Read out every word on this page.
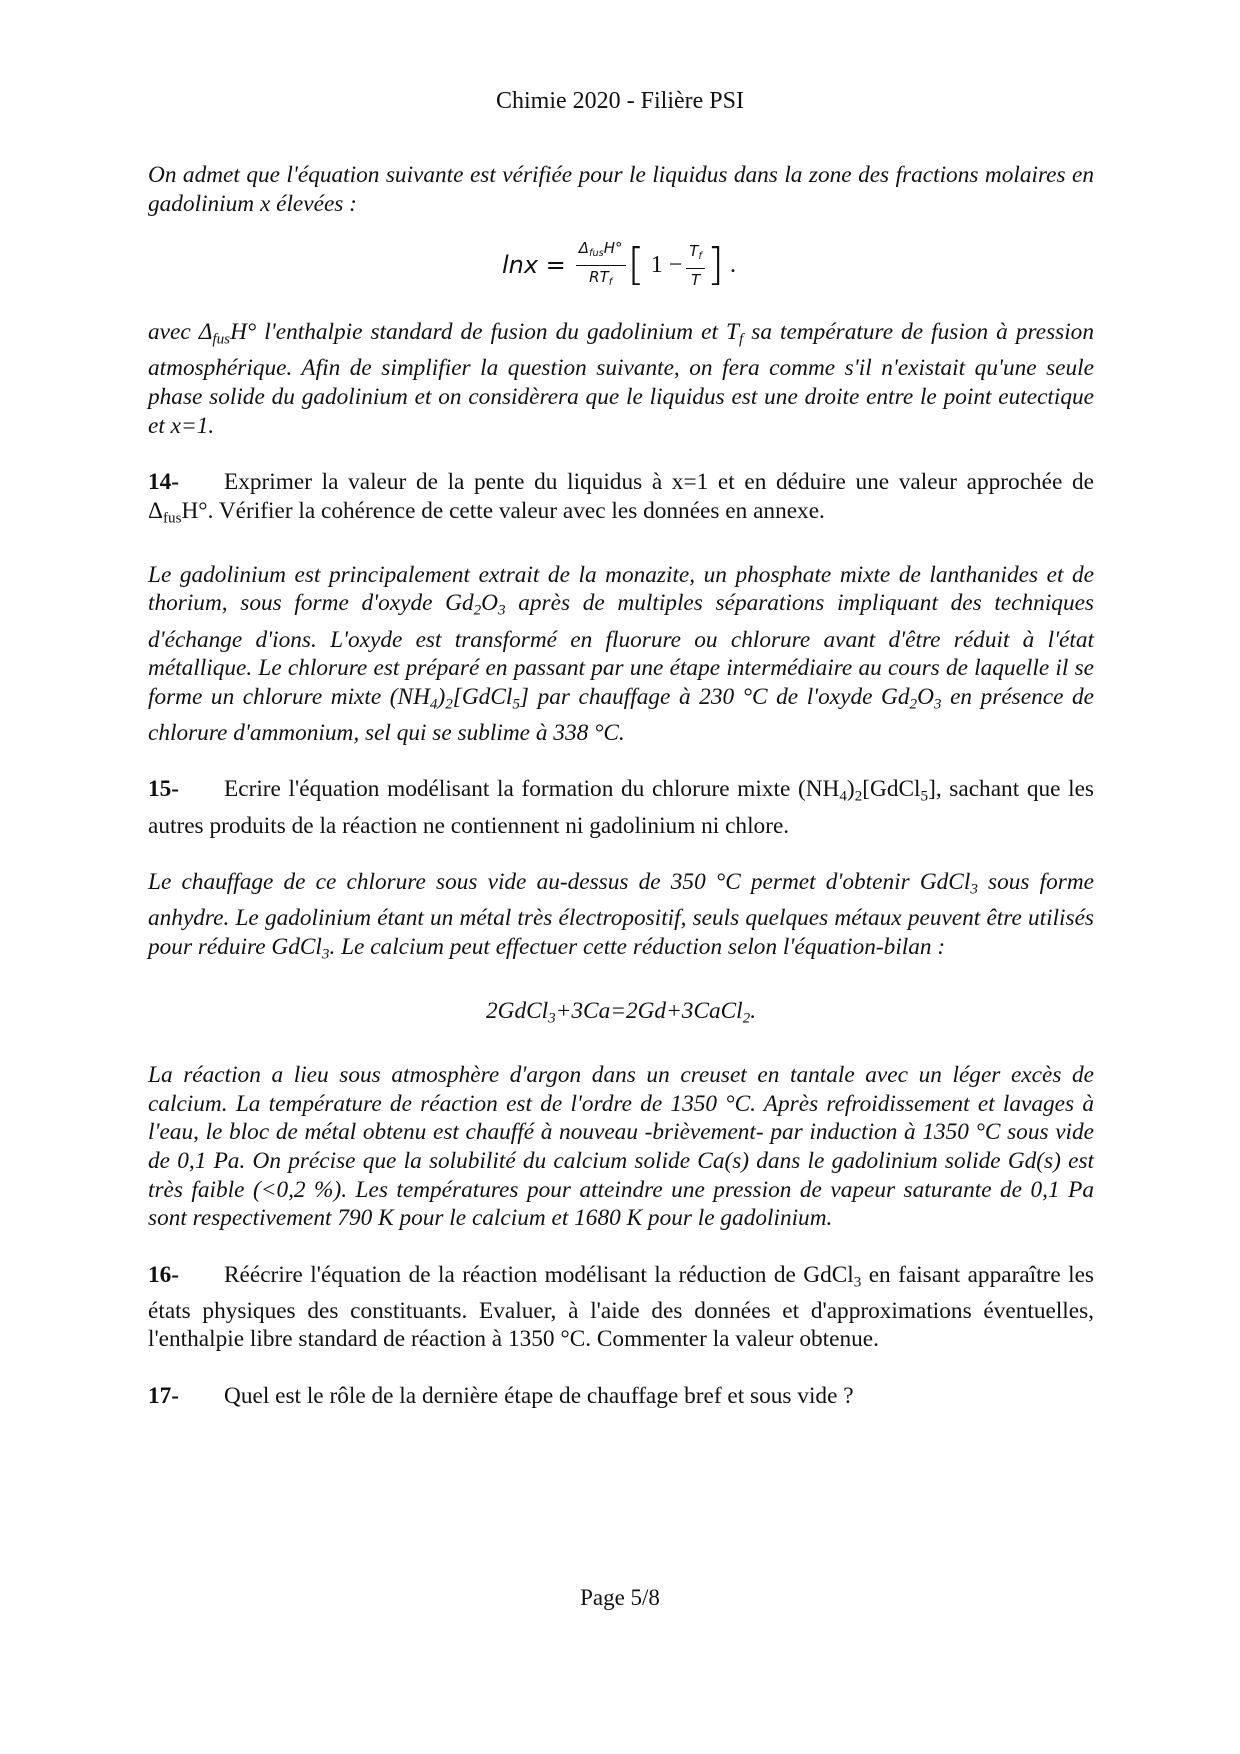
Chimie 2020 - Filière PSI

On admet que l'équation suivante est vérifiée pour le liquidus dans la zone des fractions molaires en gadolinium x élevées :

$\ln x = \frac{\Delta_{fus}H^\circ}{RT_f}$ [ $1 - \frac{T_f}{T}$ ] .

avec $\Delta_{fus}H^\circ$ l'enthalpie standard de fusion du gadolinium et $T_f$ sa température de fusion à pression atmosphérique. Afin de simplifier la question suivante, on fera comme s'il n'existait qu'une seule phase solide du gadolinium et on considèrera que le liquidus est une droite entre le point eutectique et x=1.

14- Exprimer la valeur de la pente du liquidus à x=1 et en déduire une valeur approchée de $\Delta_{fus}H^\circ$. Vérifier la cohérence de cette valeur avec les données en annexe.

Le gadolinium est principalement extrait de la monazite, un phosphate mixte de lanthanides et de thorium, sous forme d'oxyde $Gd_2O_3$ après de multiples séparations impliquant des techniques d'échange d'ions. L'oxyde est transformé en fluorure ou chlorure avant d'être réduit à l'état métallique. Le chlorure est préparé en passant par une étape intermédiaire au cours de laquelle il se forme un chlorure mixte $(NH_4)_2[GdCl_5]$ par chauffage à 230 °C de l'oxyde $Gd_2O_3$ en présence de chlorure d'ammonium, sel qui se sublime à 338 °C.

15- Ecrire l'équation modélisant la formation du chlorure mixte $(NH_4)_2[GdCl_5]$, sachant que les autres produits de la réaction ne contiennent ni gadolinium ni chlore.

Le chauffage de ce chlorure sous vide au-dessus de 350 °C permet d'obtenir GdCl$_3$ sous forme anhydre. Le gadolinium étant un métal très électropositif, seuls quelques métaux peuvent être utilisés pour réduire GdCl$_3$. Le calcium peut effectuer cette réduction selon l'équation-bilan :

2GdCl$_3$+3Ca=2Gd+3CaCl$_2$.

La réaction a lieu sous atmosphère d'argon dans un creuset en tantale avec un léger excès de calcium. La température de réaction est de l'ordre de 1350 °C. Après refroidissement et lavages à l'eau, le bloc de métal obtenu est chauffé à nouveau -brièvement- par induction à 1350 °C sous vide de 0,1 Pa. On précise que la solubilité du calcium solide Ca(s) dans le gadolinium solide Gd(s) est très faible (<0,2 %). Les températures pour atteindre une pression de vapeur saturante de 0,1 Pa sont respectivement 790 K pour le calcium et 1680 K pour le gadolinium.

16- Réécrire l'équation de la réaction modélisant la réduction de GdCl$_3$ en faisant apparaître les états physiques des constituants. Evaluer, à l'aide des données et d'approximations éventuelles, l'enthalpie libre standard de réaction à 1350 °C. Commenter la valeur obtenue.

17- Quel est le rôle de la dernière étape de chauffage bref et sous vide ?

Page 5/8
